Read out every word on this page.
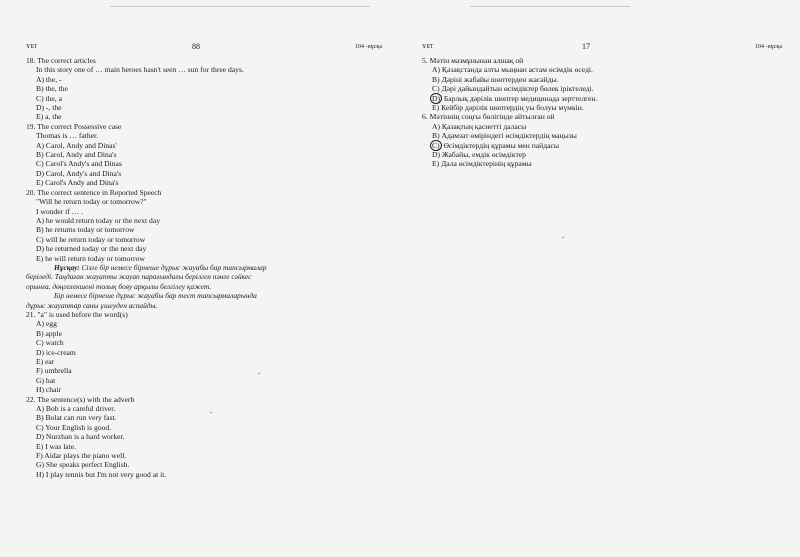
ҰБТ	88	104 -нұсқа
18. The correct articles
In this story one of … main heroes hasn't seen … sun for three days.
A) the, -
B) the, the
C) the, a
D) -, the
E) a, the
19. The correct Possessive case
Thomas is … father.
A) Carol, Andy and Dinas'
B) Carol, Andy and Dina's
C) Carol's Andy's and Dinas
D) Carol, Andy's and Dina's
E) Carol's Andy and Dina's
20. The correct sentence in Reported Speech
"Will he return today or tomorrow?"
I wonder if … .
A) he would return today or the next day
B) he returns today or tomorrow
C) will he return today or tomorrow
D) he returned today or the next day
E) he will return today or tomorrow
Нұсқау: Сізге бір немесе бірнеше дұрыс жауабы бар тапсырмалар
беріледі. Таңдаған жауапты жауап парағындағы берілген пәнге сәйкес
орынға, дөңгелекшені толық бояу арқылы белгілеу қажет.
Бір немесе бірнеше дұрыс жауабы бар тест тапсырмаларында
дұрыс жауаптар саны ұшеуден аспайды.
21. "a" is used before the word(s)
A) egg
B) apple
C) watch
D) ice-cream
E) ear
F) umbrella
G) hat
H) chair
22. The sentence(s) with the adverb
A) Bob is a careful driver.
B) Bolat can run very fast.
C) Your English is good.
D) Nurzhan is a hard worker.
E) I was late.
F) Aidar plays the piano well.
G) She speaks perfect English.
H) I play tennis but I'm not very good at it.
ҰБТ	17	104 -нұсқа
5. Мәтін мазмұнынан алшақ ой
A) Қазақстанда алты мыңнан астам өсімдік өседі.
B) Дәріні жабайы шөптерден жасайды.
C) Дәрі дайындайтын өсімдіктер бөлек іріктеледі.
D) Барлық дәрілік шөптер медицинада зерттелген.
E) Кейбір дәрілік шөптердің уы болуы мүмкін.
6. Мәтіннің соңғы бөлігінде айтылған ой
A) Қазақтың қасиетті даласы
B) Адамзат өміріндегі өсімдіктердің маңызы
C) Өсімдіктердің құрамы мен пайдасы
D) Жабайы, емдік өсімдіктер
E) Дала өсімдіктерінің құрамы
